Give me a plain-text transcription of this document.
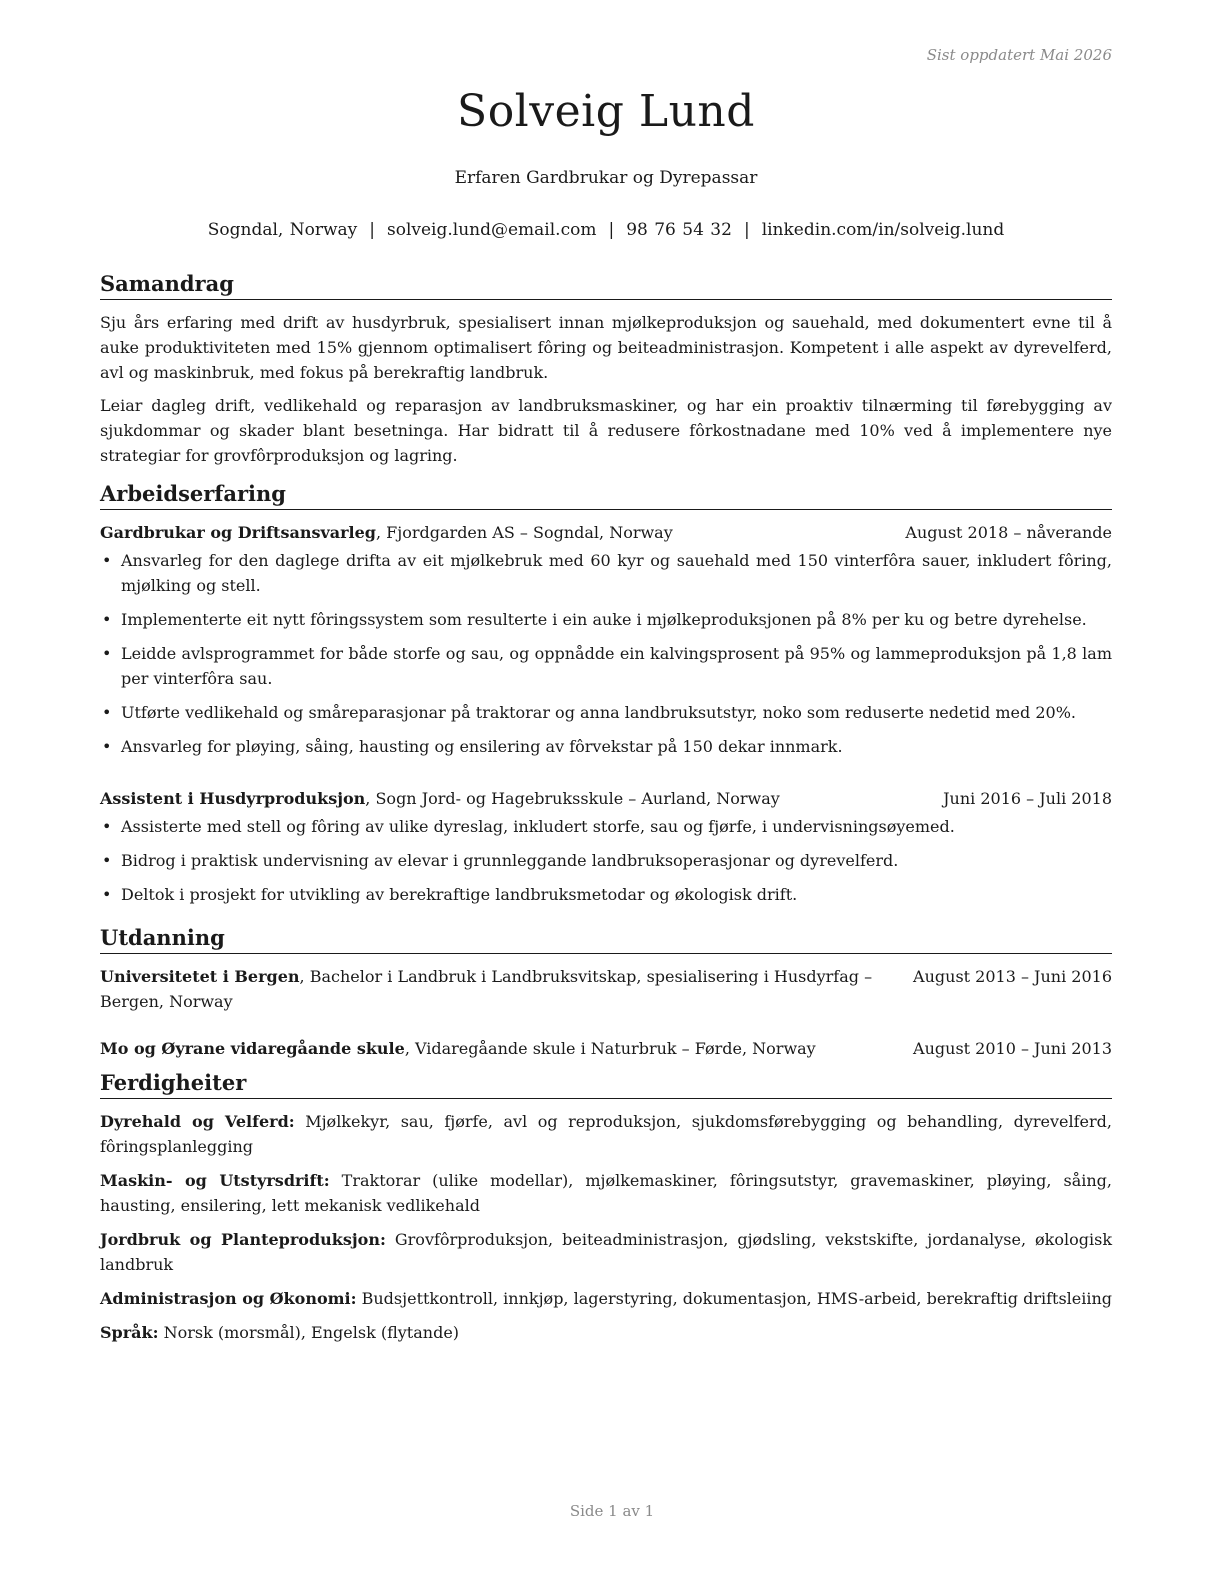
Sist oppdatert Mai 2026
Solveig Lund
Erfaren Gardbrukar og Dyrepassar
Sogndal, Norway | solveig.lund@email.com | 98 76 54 32 | linkedin.com/in/solveig.lund
Samandrag

Sju års erfaring med drift av husdyrbruk, spesialisert innan mjølkeproduksjon og sauehald, med dokumentert evne til å auke produktiviteten med 15% gjennom optimalisert fôring og beiteadministrasjon. Kompetent i alle aspekt av dyrevelferd, avl og maskinbruk, med fokus på berekraftig landbruk.

Leiar dagleg drift, vedlikehald og reparasjon av landbruksmaskiner, og har ein proaktiv tilnærming til førebygging av sjukdommar og skader blant besetninga. Har bidratt til å redusere fôrkostnadane med 10% ved å implementere nye strategiar for grovfôrproduksjon og lagring.

Arbeidserfaring
Gardbrukar og Driftsansvarleg, Fjordgarden AS – Sogndal, Norway	August 2018 – nåverande
• Ansvarleg for den daglege drifta av eit mjølkebruk med 60 kyr og sauehald med 150 vinterfôra sauer, inkludert fôring, mjølking og stell.
• Implementerte eit nytt fôringssystem som resulterte i ein auke i mjølkeproduksjonen på 8% per ku og betre dyrehelse.
• Leidde avlsprogrammet for både storfe og sau, og oppnådde ein kalvingsprosent på 95% og lammeproduksjon på 1,8 lam per vinterfôra sau.
• Utførte vedlikehald og småreparasjonar på traktorar og anna landbruksutstyr, noko som reduserte nedetid med 20%.
• Ansvarleg for pløying, såing, hausting og ensilering av fôrvekstar på 150 dekar innmark.
Assistent i Husdyrproduksjon, Sogn Jord- og Hagebruksskule – Aurland, Norway	Juni 2016 – Juli 2018
• Assisterte med stell og fôring av ulike dyreslag, inkludert storfe, sau og fjørfe, i undervisningsøyemed.
• Bidrog i praktisk undervisning av elevar i grunnleggande landbruksoperasjonar og dyrevelferd.
• Deltok i prosjekt for utvikling av berekraftige landbruksmetodar og økologisk drift.
Utdanning
Universitetet i Bergen, Bachelor i Landbruk i Landbruksvitskap, spesialisering i Husdyrfag – Bergen, Norway
August 2013 – Juni 2016
Mo og Øyrane vidaregåande skule, Vidaregåande skule i Naturbruk – Førde, Norway	August 2010 – Juni 2013
Ferdigheiter
Dyrehald og Velferd: Mjølkekyr, sau, fjørfe, avl og reproduksjon, sjukdomsførebygging og behandling, dyrevelferd, fôringsplanlegging
Maskin- og Utstyrsdrift: Traktorar (ulike modellar), mjølkemaskiner, fôringsutstyr, gravemaskiner, pløying, såing, hausting, ensilering, lett mekanisk vedlikehald
Jordbruk og Planteproduksjon: Grovfôrproduksjon, beiteadministrasjon, gjødsling, vekstskifte, jordanalyse, økologisk landbruk
Administrasjon og Økonomi: Budsjettkontroll, innkjøp, lagerstyring, dokumentasjon, HMS-arbeid, berekraftig driftsleiing
Språk: Norsk (morsmål), Engelsk (flytande)
Side 1 av 1
